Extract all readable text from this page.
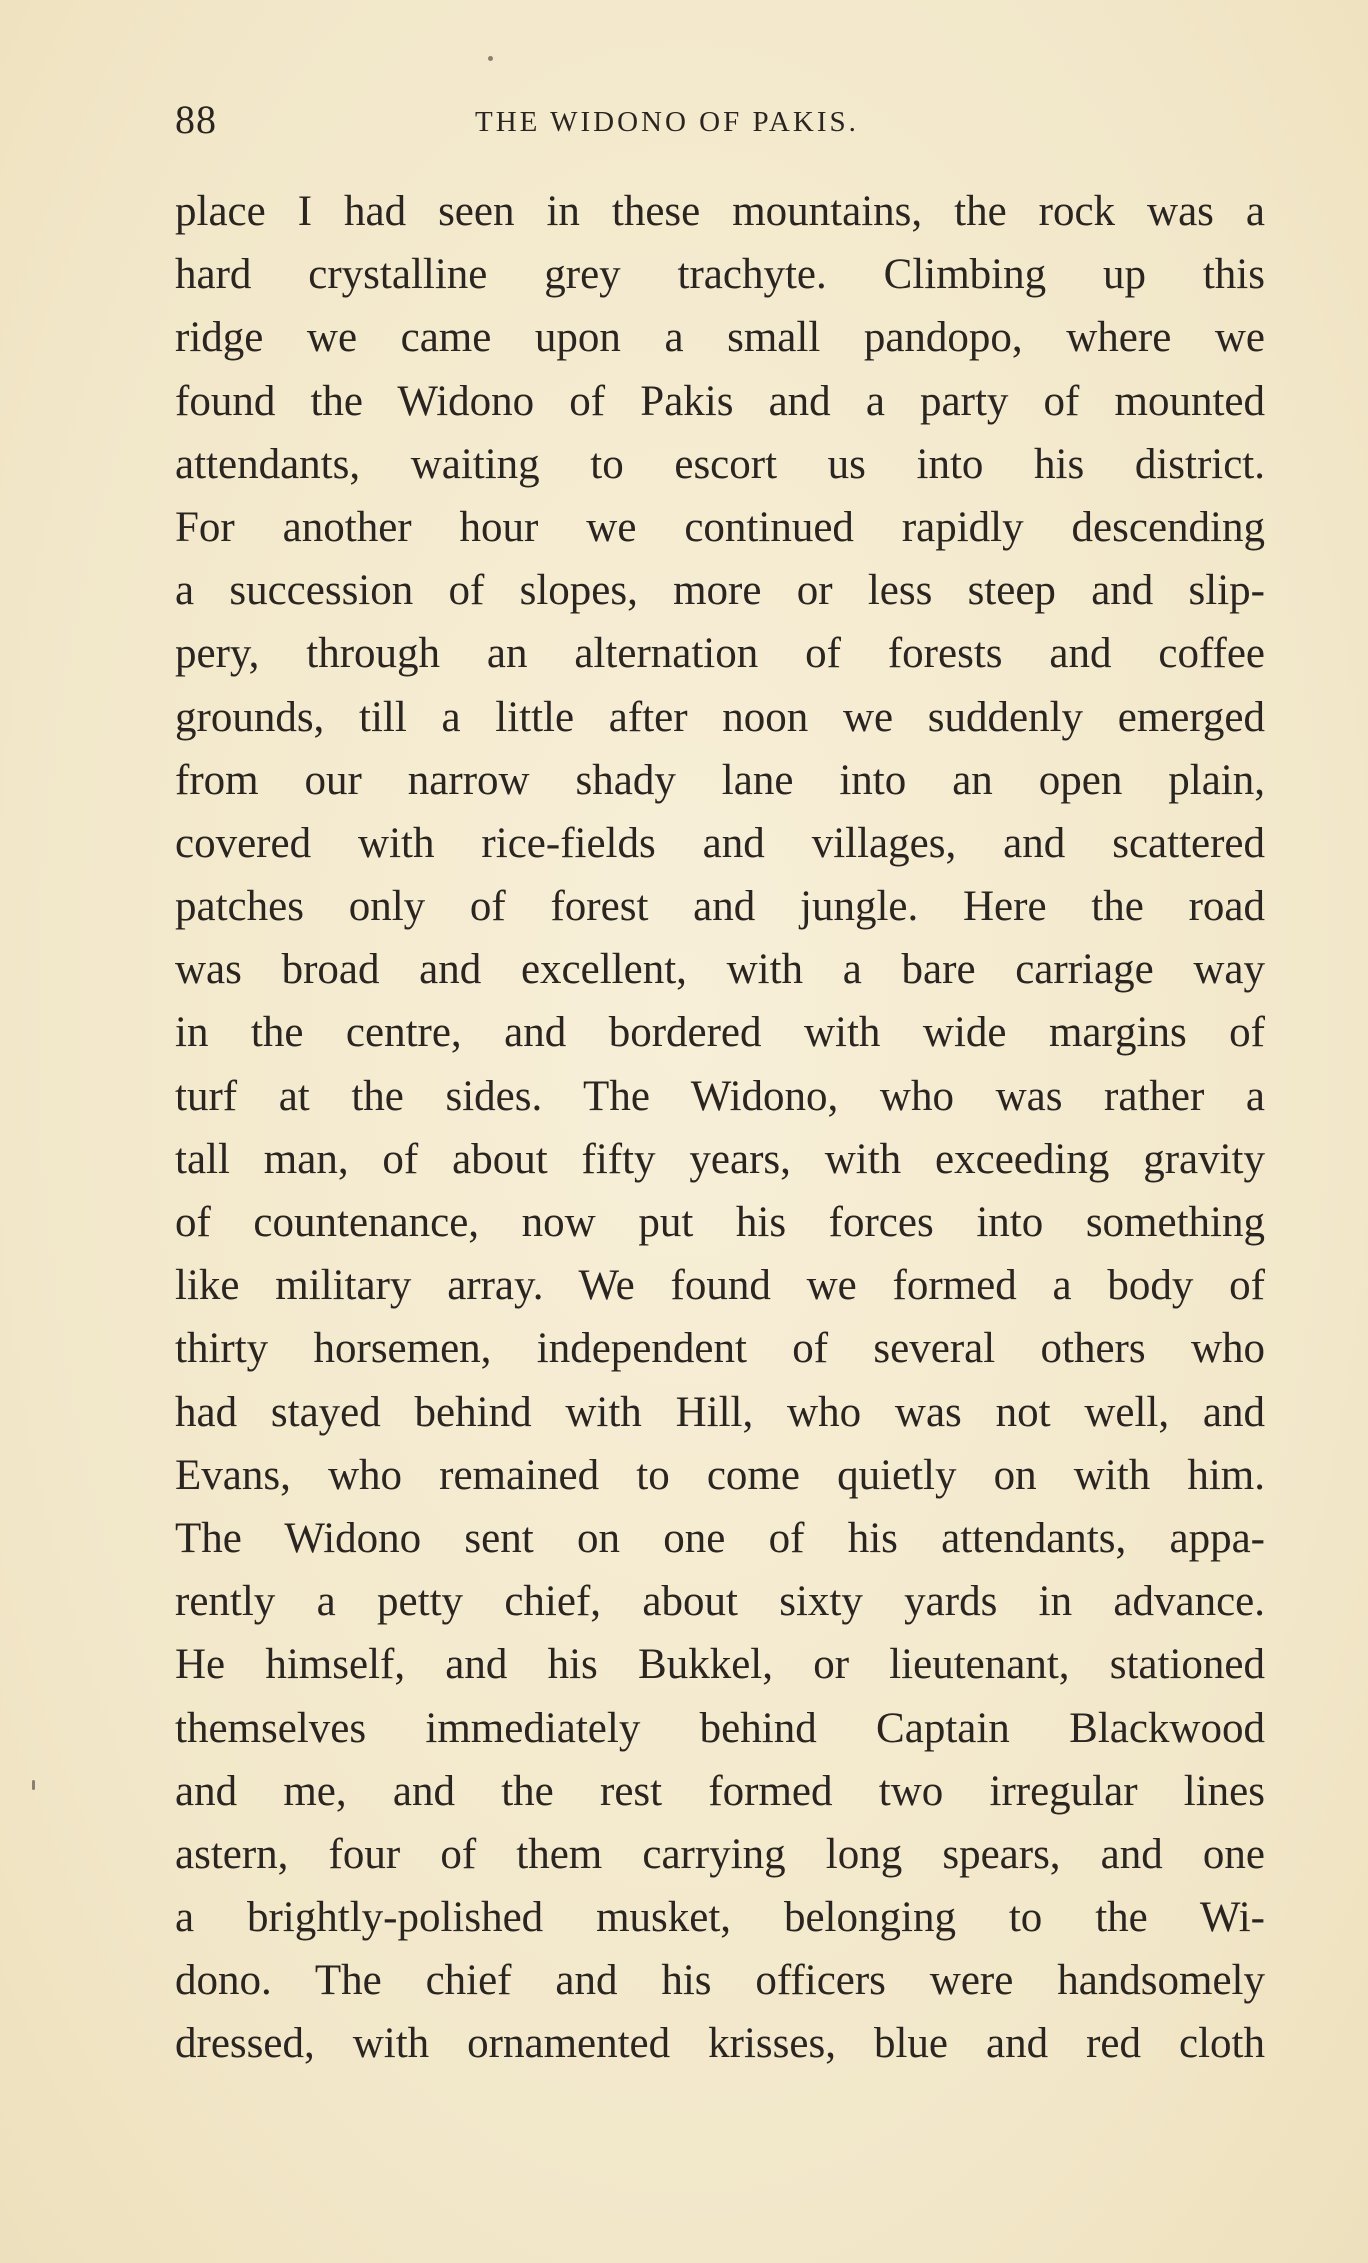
88	THE WIDONO OF PAKIS.
place I had seen in these mountains, the rock was a
hard crystalline grey trachyte. Climbing up this
ridge we came upon a small pandopo, where we
found the Widono of Pakis and a party of mounted
attendants, waiting to escort us into his district.
For another hour we continued rapidly descending
a succession of slopes, more or less steep and slip-
pery, through an alternation of forests and coffee
grounds, till a little after noon we suddenly emerged
from our narrow shady lane into an open plain,
covered with rice-fields and villages, and scattered
patches only of forest and jungle. Here the road
was broad and excellent, with a bare carriage way
in the centre, and bordered with wide margins of
turf at the sides. The Widono, who was rather a
tall man, of about fifty years, with exceeding gravity
of countenance, now put his forces into something
like military array. We found we formed a body of
thirty horsemen, independent of several others who
had stayed behind with Hill, who was not well, and
Evans, who remained to come quietly on with him.
The Widono sent on one of his attendants, appa-
rently a petty chief, about sixty yards in advance.
He himself, and his Bukkel, or lieutenant, stationed
themselves immediately behind Captain Blackwood
and me, and the rest formed two irregular lines
astern, four of them carrying long spears, and one
a brightly-polished musket, belonging to the Wi-
dono. The chief and his officers were handsomely
dressed, with ornamented krisses, blue and red cloth
